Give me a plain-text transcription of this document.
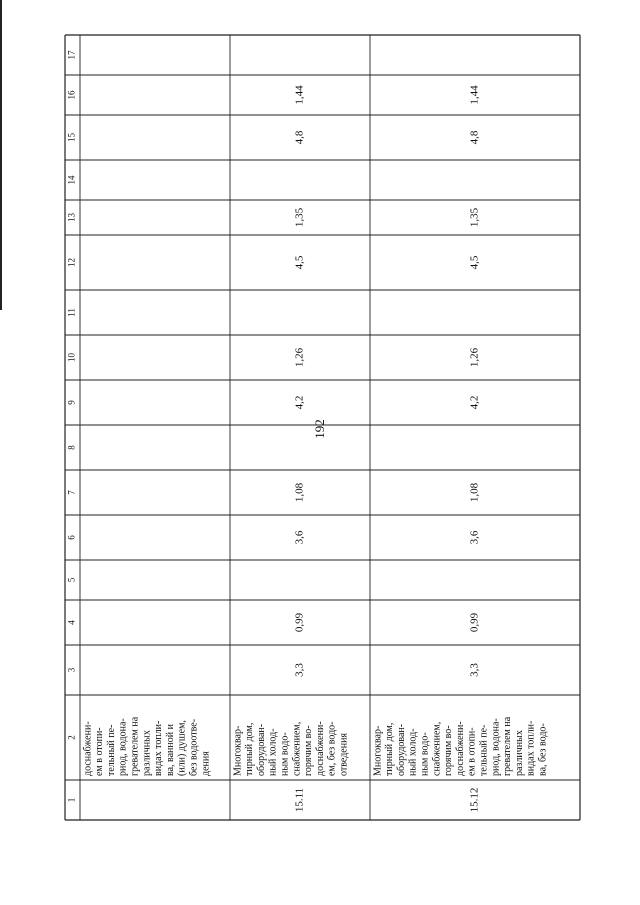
192
1
2
3
4
5
6
7
8
9
10
11
12
13
14
15
16
17
доснабжени- ем в отопи- тельный пе- риод, водона- гревателем на различных видах топли- ва, ванной и (или) душем, без водоотве- дения
15.11
Многоквар- тирный дом, оборудован- ный холод- ным водо- снабжением, горячим во- доснабжени- ем, без водо- отведения
3,3
0,99
3,6
1,08
4,2
1,26
4,5
1,35
4,8
1,44
15.12
Многоквар- тирный дом, оборудован- ный холод- ным водо- снабжением, горячим во- доснабжени- ем в отопи- тельный пе- риод, водона- гревателем на различных видах топли- ва, без водо-
3,3
0,99
3,6
1,08
4,2
1,26
4,5
1,35
4,8
1,44
